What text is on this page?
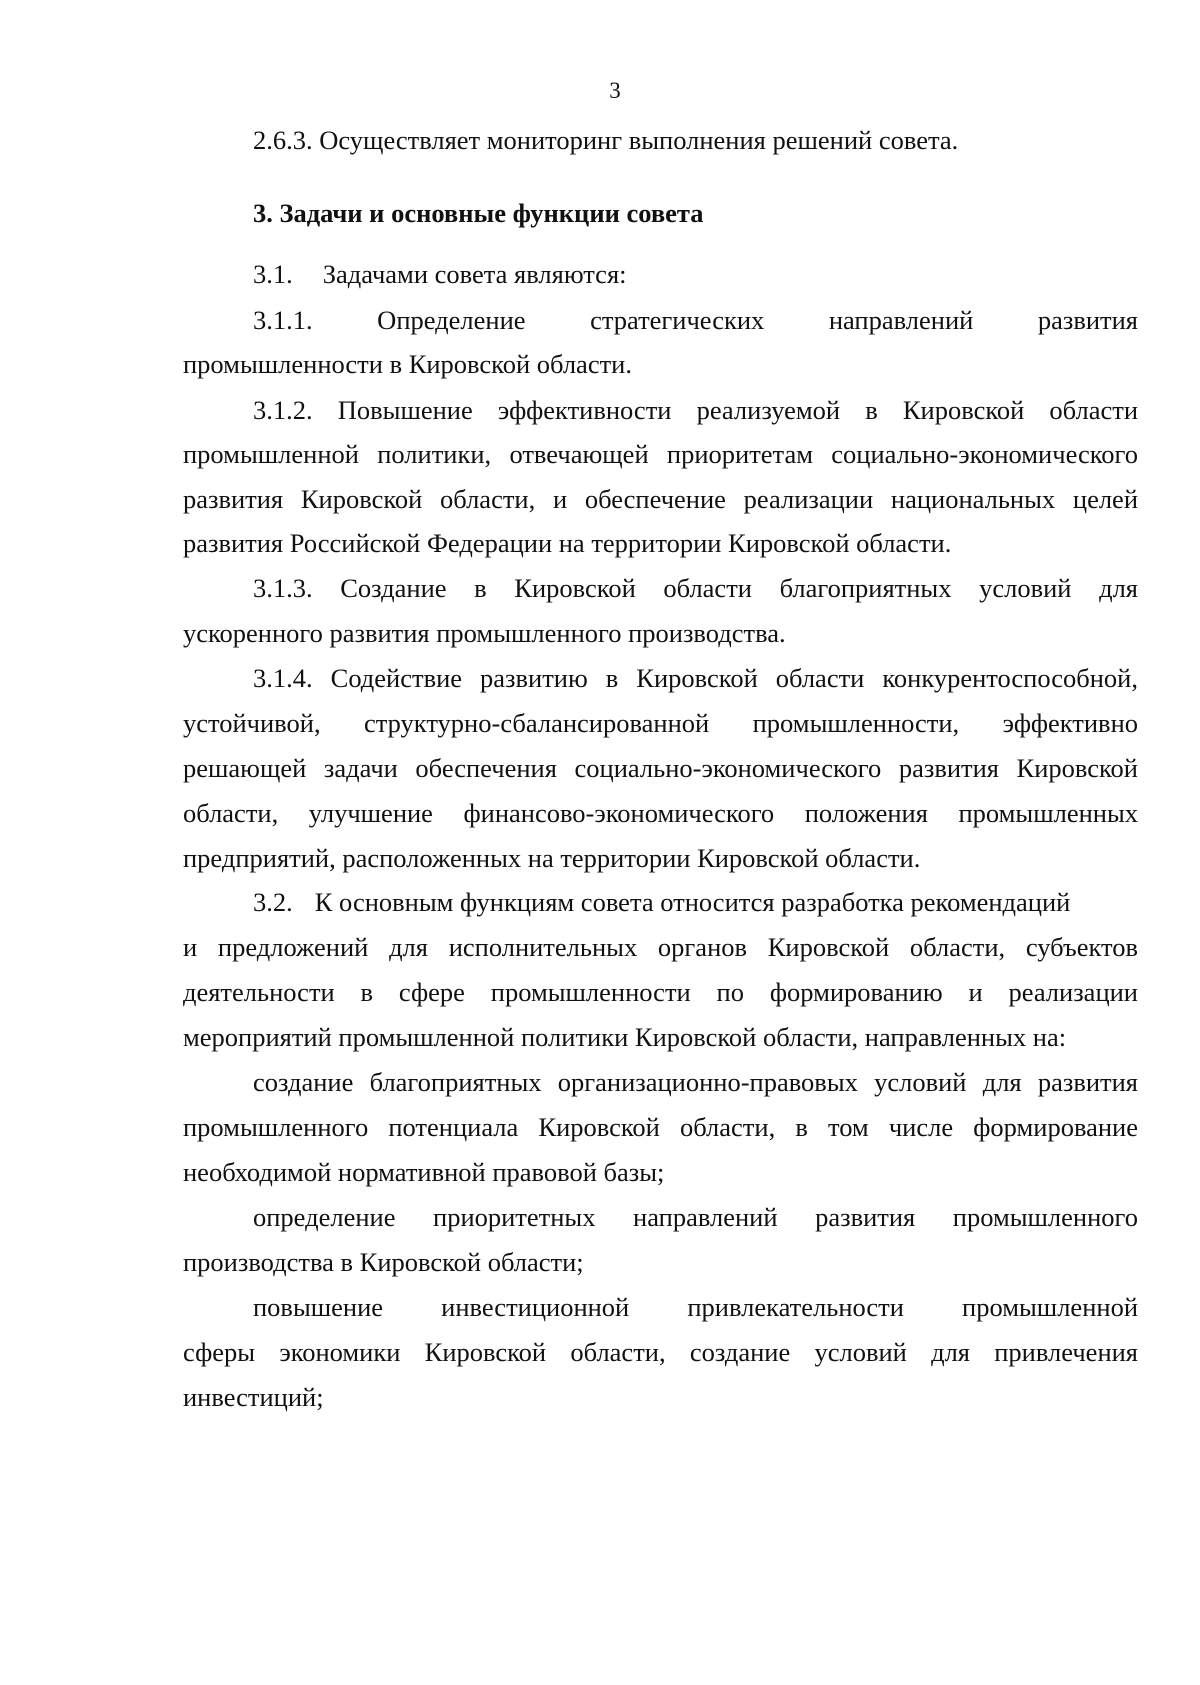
3

2.6.3. Осуществляет мониторинг выполнения решений совета.

3. Задачи и основные функции совета

3.1. Задачами совета являются:

3.1.1. Определение стратегических направлений развития

промышленности в Кировской области.

3.1.2. Повышение эффективности реализуемой в Кировской области

промышленной политики, отвечающей приоритетам социально-экономического

развития Кировской области, и обеспечение реализации национальных целей

развития Российской Федерации на территории Кировской области.

3.1.3. Создание в Кировской области благоприятных условий для

ускоренного развития промышленного производства.

3.1.4. Содействие развитию в Кировской области конкурентоспособной,

устойчивой, структурно-сбалансированной промышленности, эффективно

решающей задачи обеспечения социально-экономического развития Кировской

области, улучшение финансово-экономического положения промышленных

предприятий, расположенных на территории Кировской области.

3.2. К основным функциям совета относится разработка рекомендаций

и предложений для исполнительных органов Кировской области, субъектов

деятельности в сфере промышленности по формированию и реализации

мероприятий промышленной политики Кировской области, направленных на:

создание благоприятных организационно-правовых условий для развития

промышленного потенциала Кировской области, в том числе формирование

необходимой нормативной правовой базы;

определение приоритетных направлений развития промышленного

производства в Кировской области;

повышение инвестиционной привлекательности промышленной

сферы экономики Кировской области, создание условий для привлечения

инвестиций;
